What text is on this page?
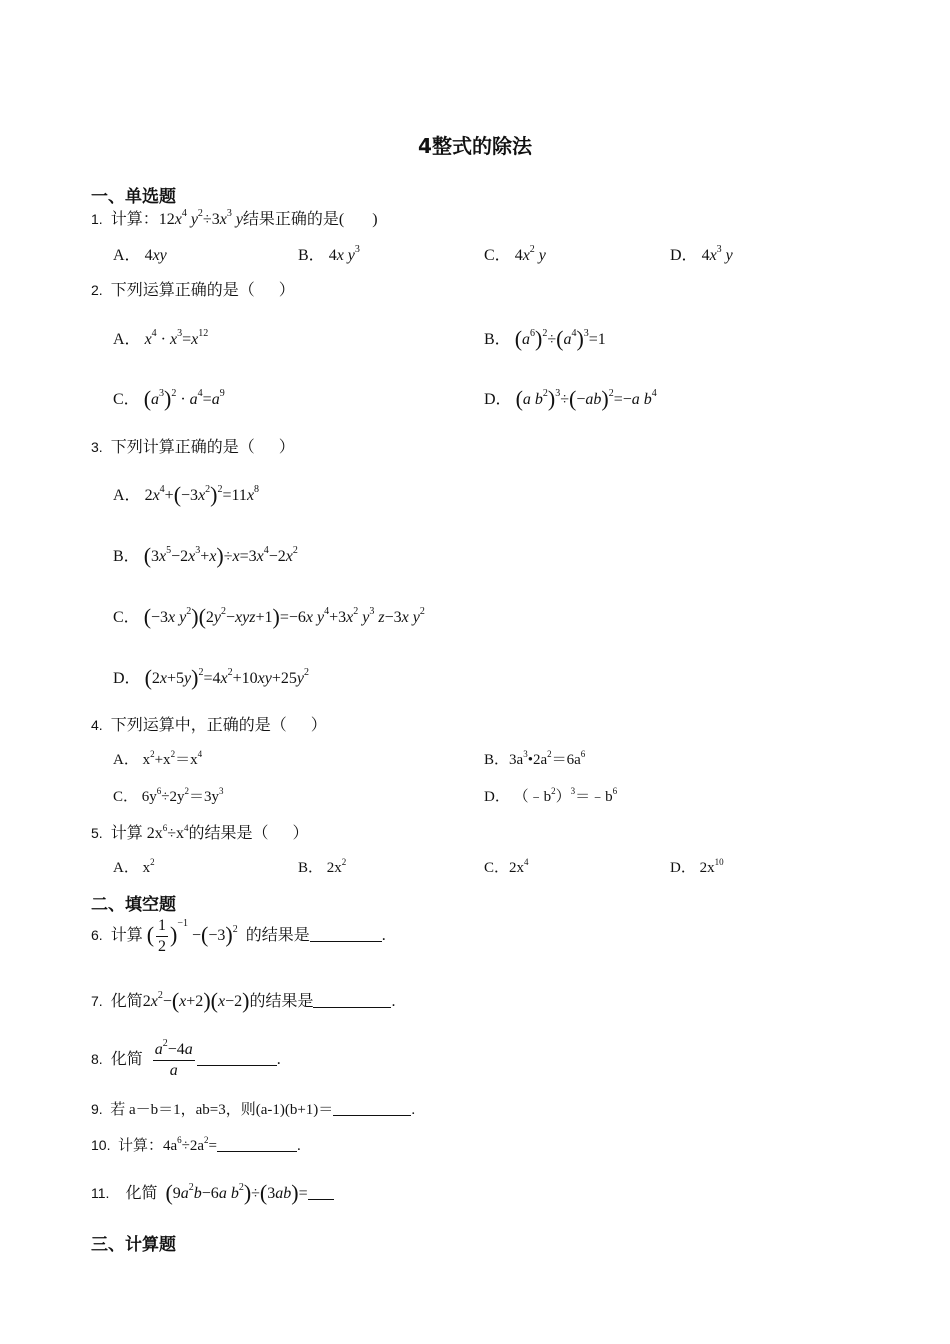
4整式的除法
一、单选题
1. 计算：$12x^4$ $y^2\div 3x^3$ y结果正确的是( )
A． 4xy	B． 4x $y^3$	C． $4x^2$ y	D． $4x^3$ y
2. 下列运算正确的是（ ）
A． $x^4 \cdot x^3=x^{12}$	B． $(a^6)^2\div(a^4)^3=1$
C． $(a^3)^2 \cdot a^4=a^9$	D． (a $b^2)^3\div(-ab)^2=-a$ $b^4$
3. 下列计算正确的是（ ）
A． $2x^4+(-3x^2)^2=11x^8$
B． $(3x^5-2x^3+x)\div x=3x^4-2x^2$
C． (−3x $y^2)(2y^2-xyz+1)=-6x$ $y^4+3x^2$ $y^3$ z−3x $y^2$
D． $(2x+5y)^2=4x^2+10xy+25y^2$
4. 下列运算中，正确的是（ ）
A． $x^2+x^2=x^4$	B．$3a^3•2a^2=6a^6$
C． $6y^6\div 2y^2=3y^3$	D． $(﹣b^2)^3=﹣b^6$
5. 计算 $2x^6\div x^4$的结果是（ ）
A． $x^2$	B． $2x^2$	C．$2x^4$	D． $2x^{10}$
二、填空题
6. 计算 ( $\frac{1}{2} )^{-1} -(-3)^2$ 的结果是	.
7. 化简$2x^2-(x+2)(x-2)$的结果是	.
8. 化简 $\frac{a^2-4a}{a}$	.
9. 若 a－b＝1，ab=3，则(a-1)(b+1)＝	.
10. 计算：$4a^6\div 2a^2=$	.
11. 化简 ($9a^2b-6a$ $b^2)\div(3ab)=$
三、计算题
